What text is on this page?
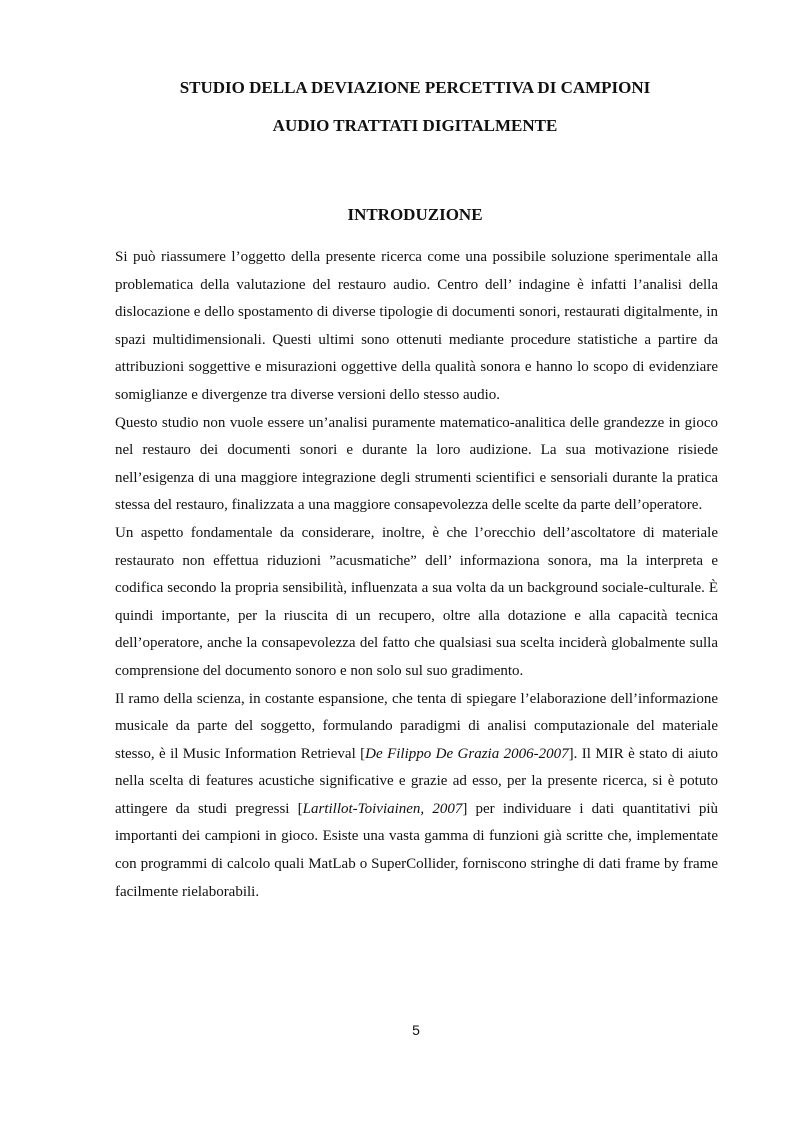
STUDIO DELLA DEVIAZIONE PERCETTIVA DI CAMPIONI
AUDIO TRATTATI DIGITALMENTE
INTRODUZIONE

Si può riassumere l’oggetto della presente ricerca come una possibile soluzione sperimentale alla problematica della valutazione del restauro audio. Centro dell’ indagine è infatti l’analisi della dislocazione e dello spostamento di diverse tipologie di documenti sonori, restaurati digitalmente, in spazi multidimensionali. Questi ultimi sono ottenuti mediante procedure statistiche a partire da attribuzioni soggettive e misurazioni oggettive della qualità sonora e hanno lo scopo di evidenziare somiglianze e divergenze tra diverse versioni dello stesso audio.

Questo studio non vuole essere un’analisi puramente matematico-analitica delle grandezze in gioco nel restauro dei documenti sonori e durante la loro audizione. La sua motivazione risiede nell’esigenza di una maggiore integrazione degli strumenti scientifici e sensoriali durante la pratica stessa del restauro, finalizzata a una maggiore consapevolezza delle scelte da parte dell’operatore.

Un aspetto fondamentale da considerare, inoltre, è che l’orecchio dell’ascoltatore di materiale restaurato non effettua riduzioni ”acusmatiche” dell’ informaziona sonora, ma la interpreta e codifica secondo la propria sensibilità, influenzata a sua volta da un background sociale-culturale. È quindi importante, per la riuscita di un recupero, oltre alla dotazione e alla capacità tecnica dell’operatore, anche la consapevolezza del fatto che qualsiasi sua scelta inciderà globalmente sulla comprensione del documento sonoro e non solo sul suo gradimento.

Il ramo della scienza, in costante espansione, che tenta di spiegare l’elaborazione dell’informazione musicale da parte del soggetto, formulando paradigmi di analisi computazionale del materiale stesso, è il Music Information Retrieval [De Filippo De Grazia 2006-2007]. Il MIR è stato di aiuto nella scelta di features acustiche significative e grazie ad esso, per la presente ricerca, si è potuto attingere da studi pregressi [Lartillot-Toiviainen, 2007] per individuare i dati quantitativi più importanti dei campioni in gioco. Esiste una vasta gamma di funzioni già scritte che, implementate con programmi di calcolo quali MatLab o SuperCollider, forniscono stringhe di dati frame by frame facilmente rielaborabili.

5
